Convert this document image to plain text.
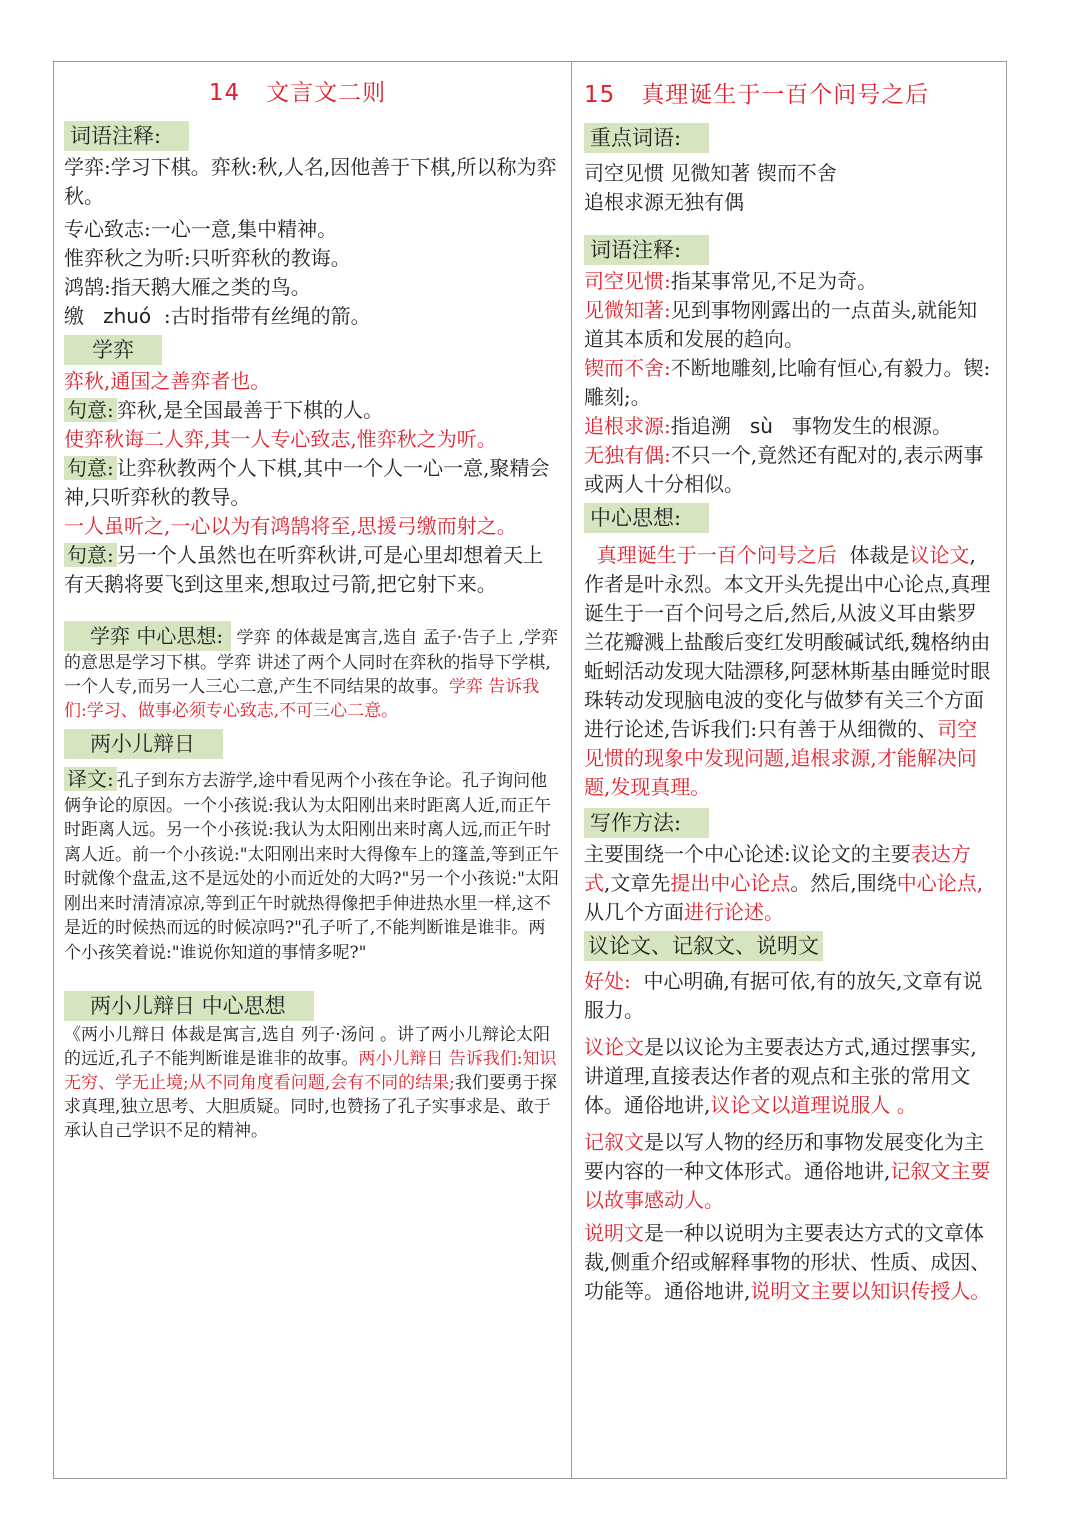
14 文言文二则
词语注释:

学弈:学习下棋。弈秋:秋,人名,因他善于下棋,所以称为弈秋。

专心致志:一心一意,集中精神。

惟弈秋之为听:只听弈秋的教诲。

鸿鹄:指天鹅大雁之类的鸟。

缴 zhuó :古时指带有丝绳的箭。

学弈

弈秋,通国之善弈者也。

句意: 弈秋,是全国最善于下棋的人。

使弈秋诲二人弈,其一人专心致志,惟弈秋之为听。

句意: 让弈秋教两个人下棋,其中一个人一心一意,聚精会神,只听弈秋的教导。

一人虽听之,一心以为有鸿鹄将至,思援弓缴而射之。

句意: 另一个人虽然也在听弈秋讲,可是心里却想着天上有天鹅将要飞到这里来,想取过弓箭,把它射下来。

学弈 中心思想: 学弈 的体裁是寓言,选自 孟子·告子上 ,学弈 的意思是学习下棋。学弈 讲述了两个人同时在弈秋的指导下学棋,一个人专,而另一人三心二意,产生不同结果的故事。学弈 告诉我们:学习、做事必须专心致志,不可三心二意。

两小儿辩日

译文: 孔子到东方去游学,途中看见两个小孩在争论。孔子询问他俩争论的原因。一个小孩说:我认为太阳刚出来时距离人近,而正午时距离人远。另一个小孩说:我认为太阳刚出来时离人远,而正午时离人近。前一个小孩说:"太阳刚出来时大得像车上的篷盖,等到正午时就像个盘盂,这不是远处的小而近处的大吗?"另一个小孩说:"太阳刚出来时清清凉凉,等到正午时就热得像把手伸进热水里一样,这不是近的时候热而远的时候凉吗?"孔子听了,不能判断谁是谁非。两个小孩笑着说:"谁说你知道的事情多呢?"

两小儿辩日 中心思想

《两小儿辩日 体裁是寓言,选自 列子·汤问 。讲了两小儿辩论太阳的远近,孔子不能判断谁是谁非的故事。两小儿辩日 告诉我们:知识无穷、学无止境;从不同角度看问题,会有不同的结果;我们要勇于探求真理,独立思考、大胆质疑。同时,也赞扬了孔子实事求是、敢于承认自己学识不足的精神。

15 真理诞生于一百个问号之后
重点词语:

司空见惯 见微知著 锲而不舍

追根求源无独有偶

词语注释:

司空见惯:指某事常见,不足为奇。

见微知著:见到事物刚露出的一点苗头,就能知道其本质和发展的趋向。

锲而不舍:不断地雕刻,比喻有恒心,有毅力。锲:雕刻;。

追根求源:指追溯 sù 事物发生的根源。

无独有偶:不只一个,竟然还有配对的,表示两事或两人十分相似。

中心思想:

真理诞生于一百个问号之后 体裁是议论文,作者是叶永烈。本文开头先提出中心论点,真理诞生于一百个问号之后,然后,从波义耳由紫罗兰花瓣溅上盐酸后变红发明酸碱试纸,魏格纳由蚯蚓活动发现大陆漂移,阿瑟林斯基由睡觉时眼珠转动发现脑电波的变化与做梦有关三个方面进行论述,告诉我们:只有善于从细微的、司空见惯的现象中发现问题,追根求源,才能解决问题,发现真理。

写作方法:

主要围绕一个中心论述:议论文的主要表达方式,文章先提出中心论点。然后,围绕中心论点,从几个方面进行论述。

议论文、记叙文、说明文

好处: 中心明确,有据可依,有的放矢,文章有说服力。

议论文是以议论为主要表达方式,通过摆事实,讲道理,直接表达作者的观点和主张的常用文体。通俗地讲,议论文以道理说服人 。

记叙文是以写人物的经历和事物发展变化为主要内容的一种文体形式。通俗地讲,记叙文主要以故事感动人。

说明文是一种以说明为主要表达方式的文章体裁,侧重介绍或解释事物的形状、性质、成因、功能等。通俗地讲,说明文主要以知识传授人。
